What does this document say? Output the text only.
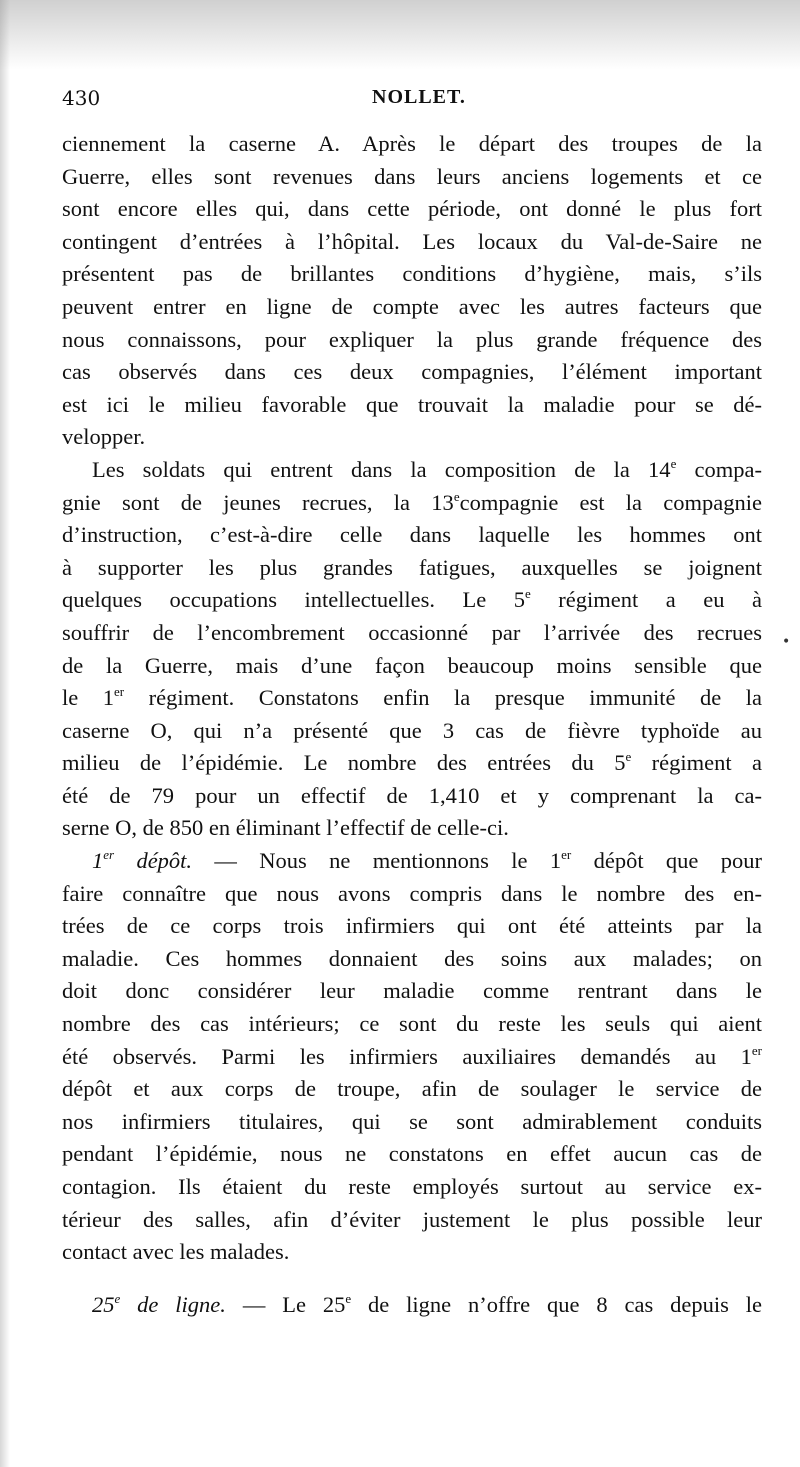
430	NOLLET.
•
ciennement la caserne A. Après le départ des troupes de la
Guerre, elles sont revenues dans leurs anciens logements et ce
sont encore elles qui, dans cette période, ont donné le plus fort
contingent d’entrées à l’hôpital. Les locaux du Val-de-Saire ne
présentent pas de brillantes conditions d’hygiène, mais, s’ils
peuvent entrer en ligne de compte avec les autres facteurs que
nous connaissons, pour expliquer la plus grande fréquence des
cas observés dans ces deux compagnies, l’élément important
est ici le milieu favorable que trouvait la maladie pour se dé-
velopper.
Les soldats qui entrent dans la composition de la 14e compa-
gnie sont de jeunes recrues, la 13ecompagnie est la compagnie
d’instruction, c’est-à-dire celle dans laquelle les hommes ont
à supporter les plus grandes fatigues, auxquelles se joignent
quelques occupations intellectuelles. Le 5e régiment a eu à
souffrir de l’encombrement occasionné par l’arrivée des recrues
de la Guerre, mais d’une façon beaucoup moins sensible que
le 1er régiment. Constatons enfin la presque immunité de la
caserne O, qui n’a présenté que 3 cas de fièvre typhoïde au
milieu de l’épidémie. Le nombre des entrées du 5e régiment a
été de 79 pour un effectif de 1,410 et y comprenant la ca-
serne O, de 850 en éliminant l’effectif de celle-ci.
1er dépôt. — Nous ne mentionnons le 1er dépôt que pour
faire connaître que nous avons compris dans le nombre des en-
trées de ce corps trois infirmiers qui ont été atteints par la
maladie. Ces hommes donnaient des soins aux malades; on
doit donc considérer leur maladie comme rentrant dans le
nombre des cas intérieurs; ce sont du reste les seuls qui aient
été observés. Parmi les infirmiers auxiliaires demandés au 1er
dépôt et aux corps de troupe, afin de soulager le service de
nos infirmiers titulaires, qui se sont admirablement conduits
pendant l’épidémie, nous ne constatons en effet aucun cas de
contagion. Ils étaient du reste employés surtout au service ex-
térieur des salles, afin d’éviter justement le plus possible leur
contact avec les malades.
25e de ligne. — Le 25e de ligne n’offre que 8 cas depuis le
